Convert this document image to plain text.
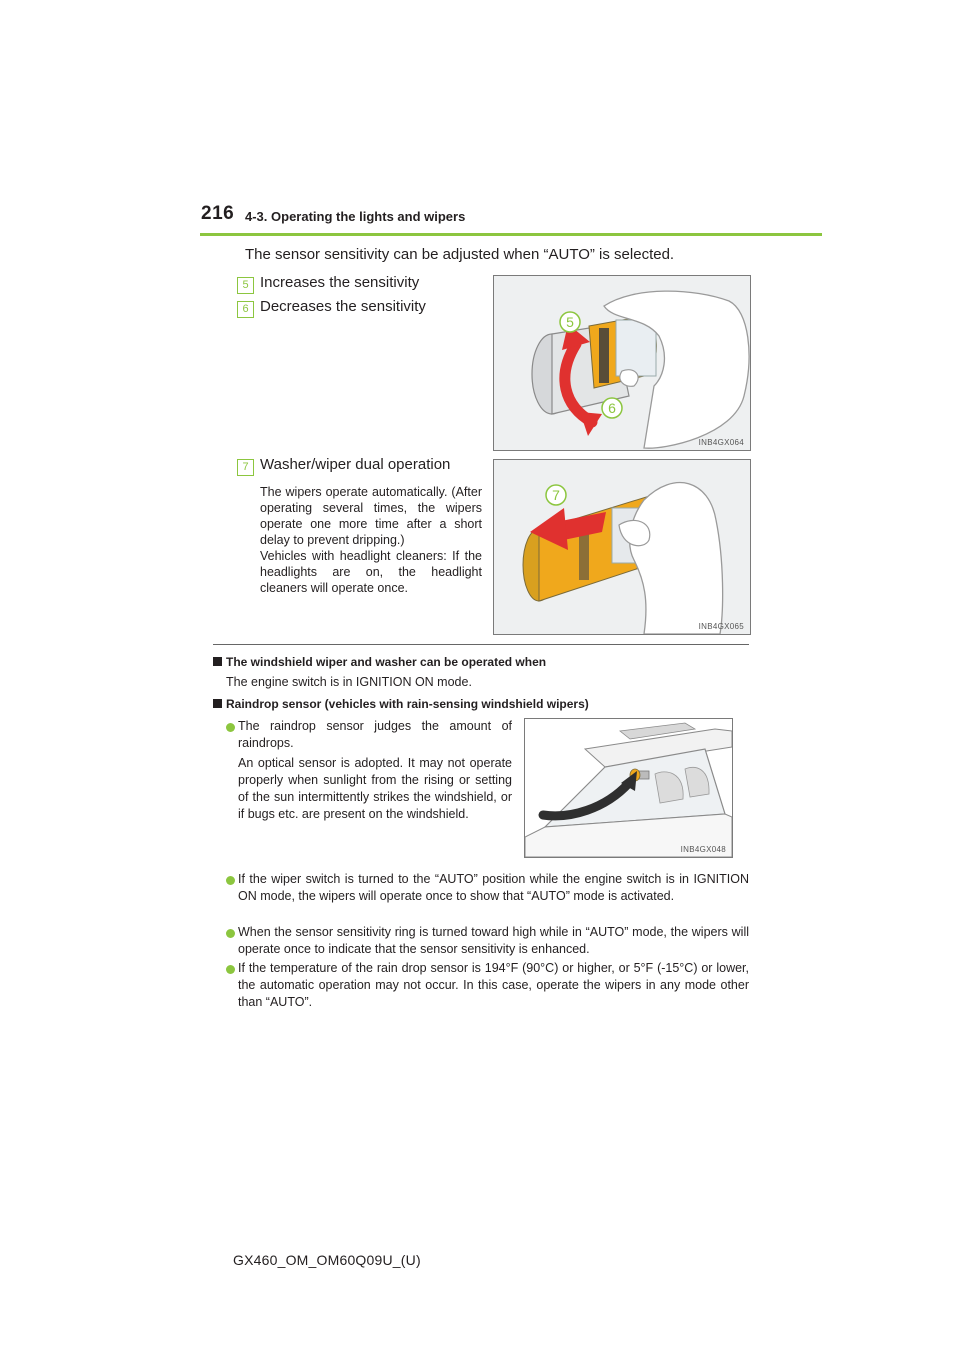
216 4-3. Operating the lights and wipers
The sensor sensitivity can be adjusted when “AUTO” is selected.
5 Increases the sensitivity
6 Decreases the sensitivity
7 Washer/wiper dual operation

The wipers operate automatically. (After operating several times, the wipers operate one more time after a short delay to prevent dripping.)

Vehicles with headlight cleaners: If the headlights are on, the headlight cleaners will operate once.

5
6
INB4GX064
7
INB4GX065
The windshield wiper and washer can be operated when
The engine switch is in IGNITION ON mode.
Raindrop sensor (vehicles with rain-sensing windshield wipers)

The raindrop sensor judges the amount of raindrops.

An optical sensor is adopted. It may not operate properly when sunlight from the rising or setting of the sun intermittently strikes the windshield, or if bugs etc. are present on the windshield.

INB4GX048
If the wiper switch is turned to the “AUTO” position while the engine switch is in IGNITION ON mode, the wipers will operate once to show that “AUTO” mode is activated.
When the sensor sensitivity ring is turned toward high while in “AUTO” mode, the wipers will operate once to indicate that the sensor sensitivity is enhanced.
If the temperature of the rain drop sensor is 194°F (90°C) or higher, or 5°F (-15°C) or lower, the automatic operation may not occur. In this case, operate the wipers in any mode other than “AUTO”.
GX460_OM_OM60Q09U_(U)
